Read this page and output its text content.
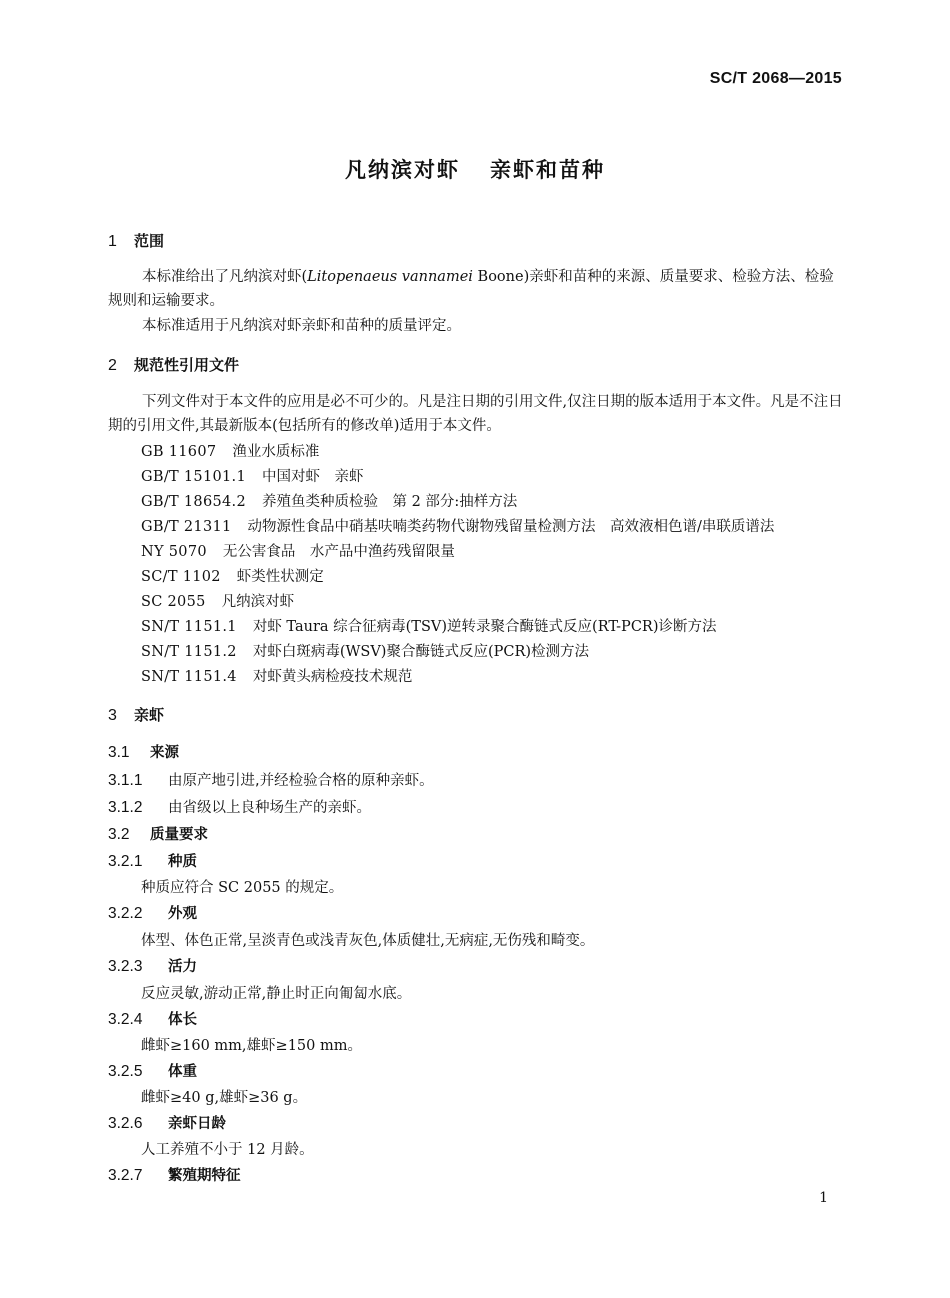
SC/T 2068—2015
凡纳滨对虾 亲虾和苗种
1 范围
本标准给出了凡纳滨对虾(Litopenaeus vannamei Boone)亲虾和苗种的来源、质量要求、检验方法、检验规则和运输要求。
本标准适用于凡纳滨对虾亲虾和苗种的质量评定。
2 规范性引用文件
下列文件对于本文件的应用是必不可少的。凡是注日期的引用文件,仅注日期的版本适用于本文件。凡是不注日期的引用文件,其最新版本(包括所有的修改单)适用于本文件。
GB 11607 渔业水质标准
GB/T 15101.1 中国对虾　亲虾
GB/T 18654.2 养殖鱼类种质检验　第 2 部分:抽样方法
GB/T 21311 动物源性食品中硝基呋喃类药物代谢物残留量检测方法　高效液相色谱/串联质谱法
NY 5070 无公害食品　水产品中渔药残留限量
SC/T 1102 虾类性状测定
SC 2055 凡纳滨对虾
SN/T 1151.1 对虾 Taura 综合征病毒(TSV)逆转录聚合酶链式反应(RT-PCR)诊断方法
SN/T 1151.2 对虾白斑病毒(WSV)聚合酶链式反应(PCR)检测方法
SN/T 1151.4 对虾黄头病检疫技术规范
3 亲虾
3.1 来源
3.1.1 由原产地引进,并经检验合格的原种亲虾。
3.1.2 由省级以上良种场生产的亲虾。
3.2 质量要求
3.2.1 种质
种质应符合 SC 2055 的规定。
3.2.2 外观
体型、体色正常,呈淡青色或浅青灰色,体质健壮,无病症,无伤残和畸变。
3.2.3 活力
反应灵敏,游动正常,静止时正向匍匐水底。
3.2.4 体长
雌虾≥160 mm,雄虾≥150 mm。
3.2.5 体重
雌虾≥40 g,雄虾≥36 g。
3.2.6 亲虾日龄
人工养殖不小于 12 月龄。
3.2.7 繁殖期特征
1
